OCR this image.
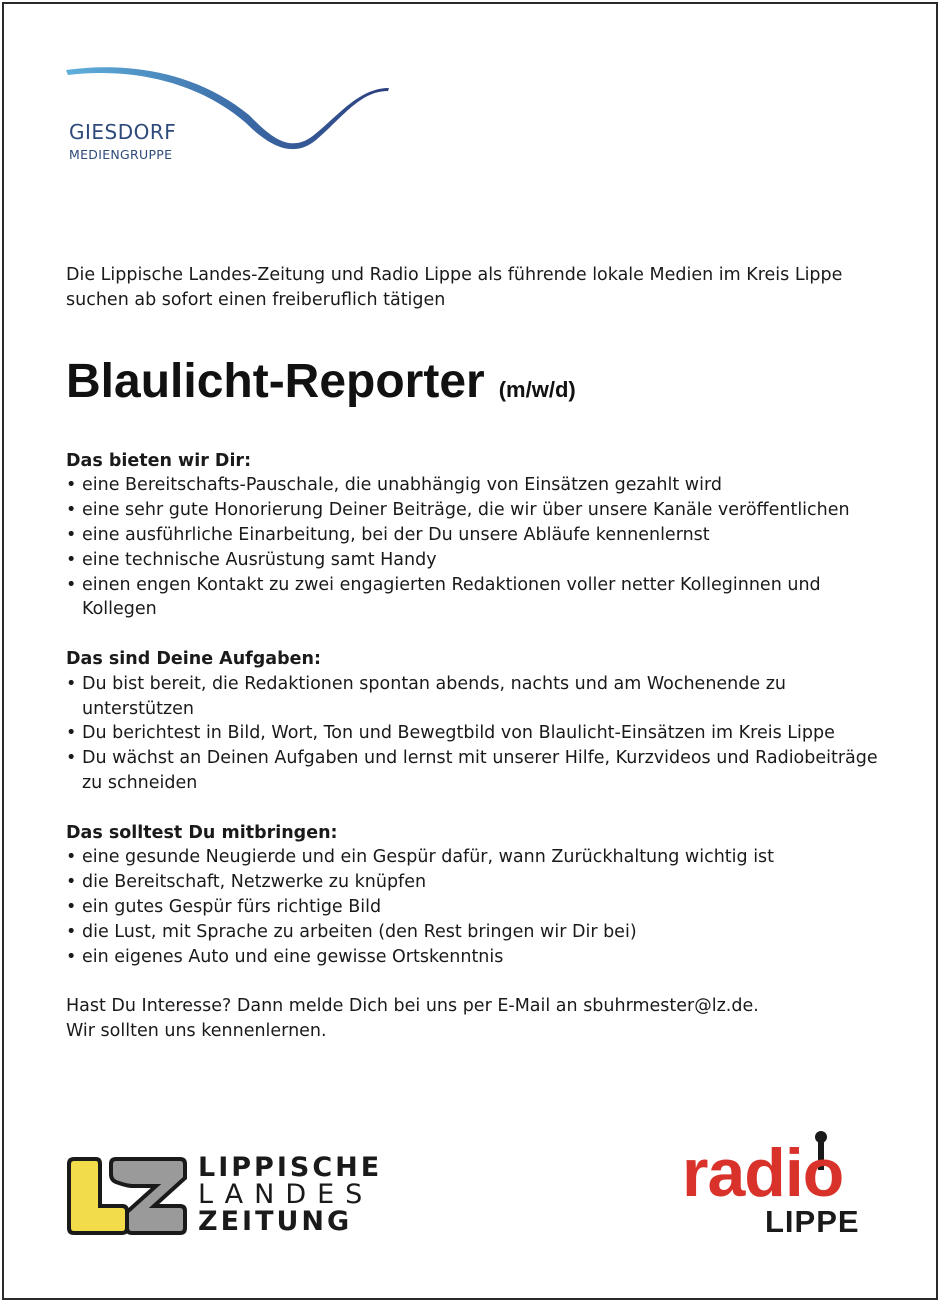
GIESDORF
MEDIENGRUPPE
Die Lippische Landes-Zeitung und Radio Lippe als führende lokale Medien im Kreis Lippe
suchen ab sofort einen freiberuflich tätigen
Blaulicht-Reporter (m/w/d)
Das bieten wir Dir:
• eine Bereitschafts-Pauschale, die unabhängig von Einsätzen gezahlt wird
• eine sehr gute Honorierung Deiner Beiträge, die wir über unsere Kanäle veröffentlichen
• eine ausführliche Einarbeitung, bei der Du unsere Abläufe kennenlernst
• eine technische Ausrüstung samt Handy
• einen engen Kontakt zu zwei engagierten Redaktionen voller netter Kolleginnen und Kollegen
Das sind Deine Aufgaben:
• Du bist bereit, die Redaktionen spontan abends, nachts und am Wochenende zu unterstützen
• Du berichtest in Bild, Wort, Ton und Bewegtbild von Blaulicht-Einsätzen im Kreis Lippe
• Du wächst an Deinen Aufgaben und lernst mit unserer Hilfe, Kurzvideos und Radiobeiträge zu schneiden
Das solltest Du mitbringen:
• eine gesunde Neugierde und ein Gespür dafür, wann Zurückhaltung wichtig ist
• die Bereitschaft, Netzwerke zu knüpfen
• ein gutes Gespür fürs richtige Bild
• die Lust, mit Sprache zu arbeiten (den Rest bringen wir Dir bei)
• ein eigenes Auto und eine gewisse Ortskenntnis

Hast Du Interesse? Dann melde Dich bei uns per E-Mail an sbuhrmester@lz.de.

Wir sollten uns kennenlernen.

LIPPISCHE
LANDES
ZEITUNG
radio
LIPPE
